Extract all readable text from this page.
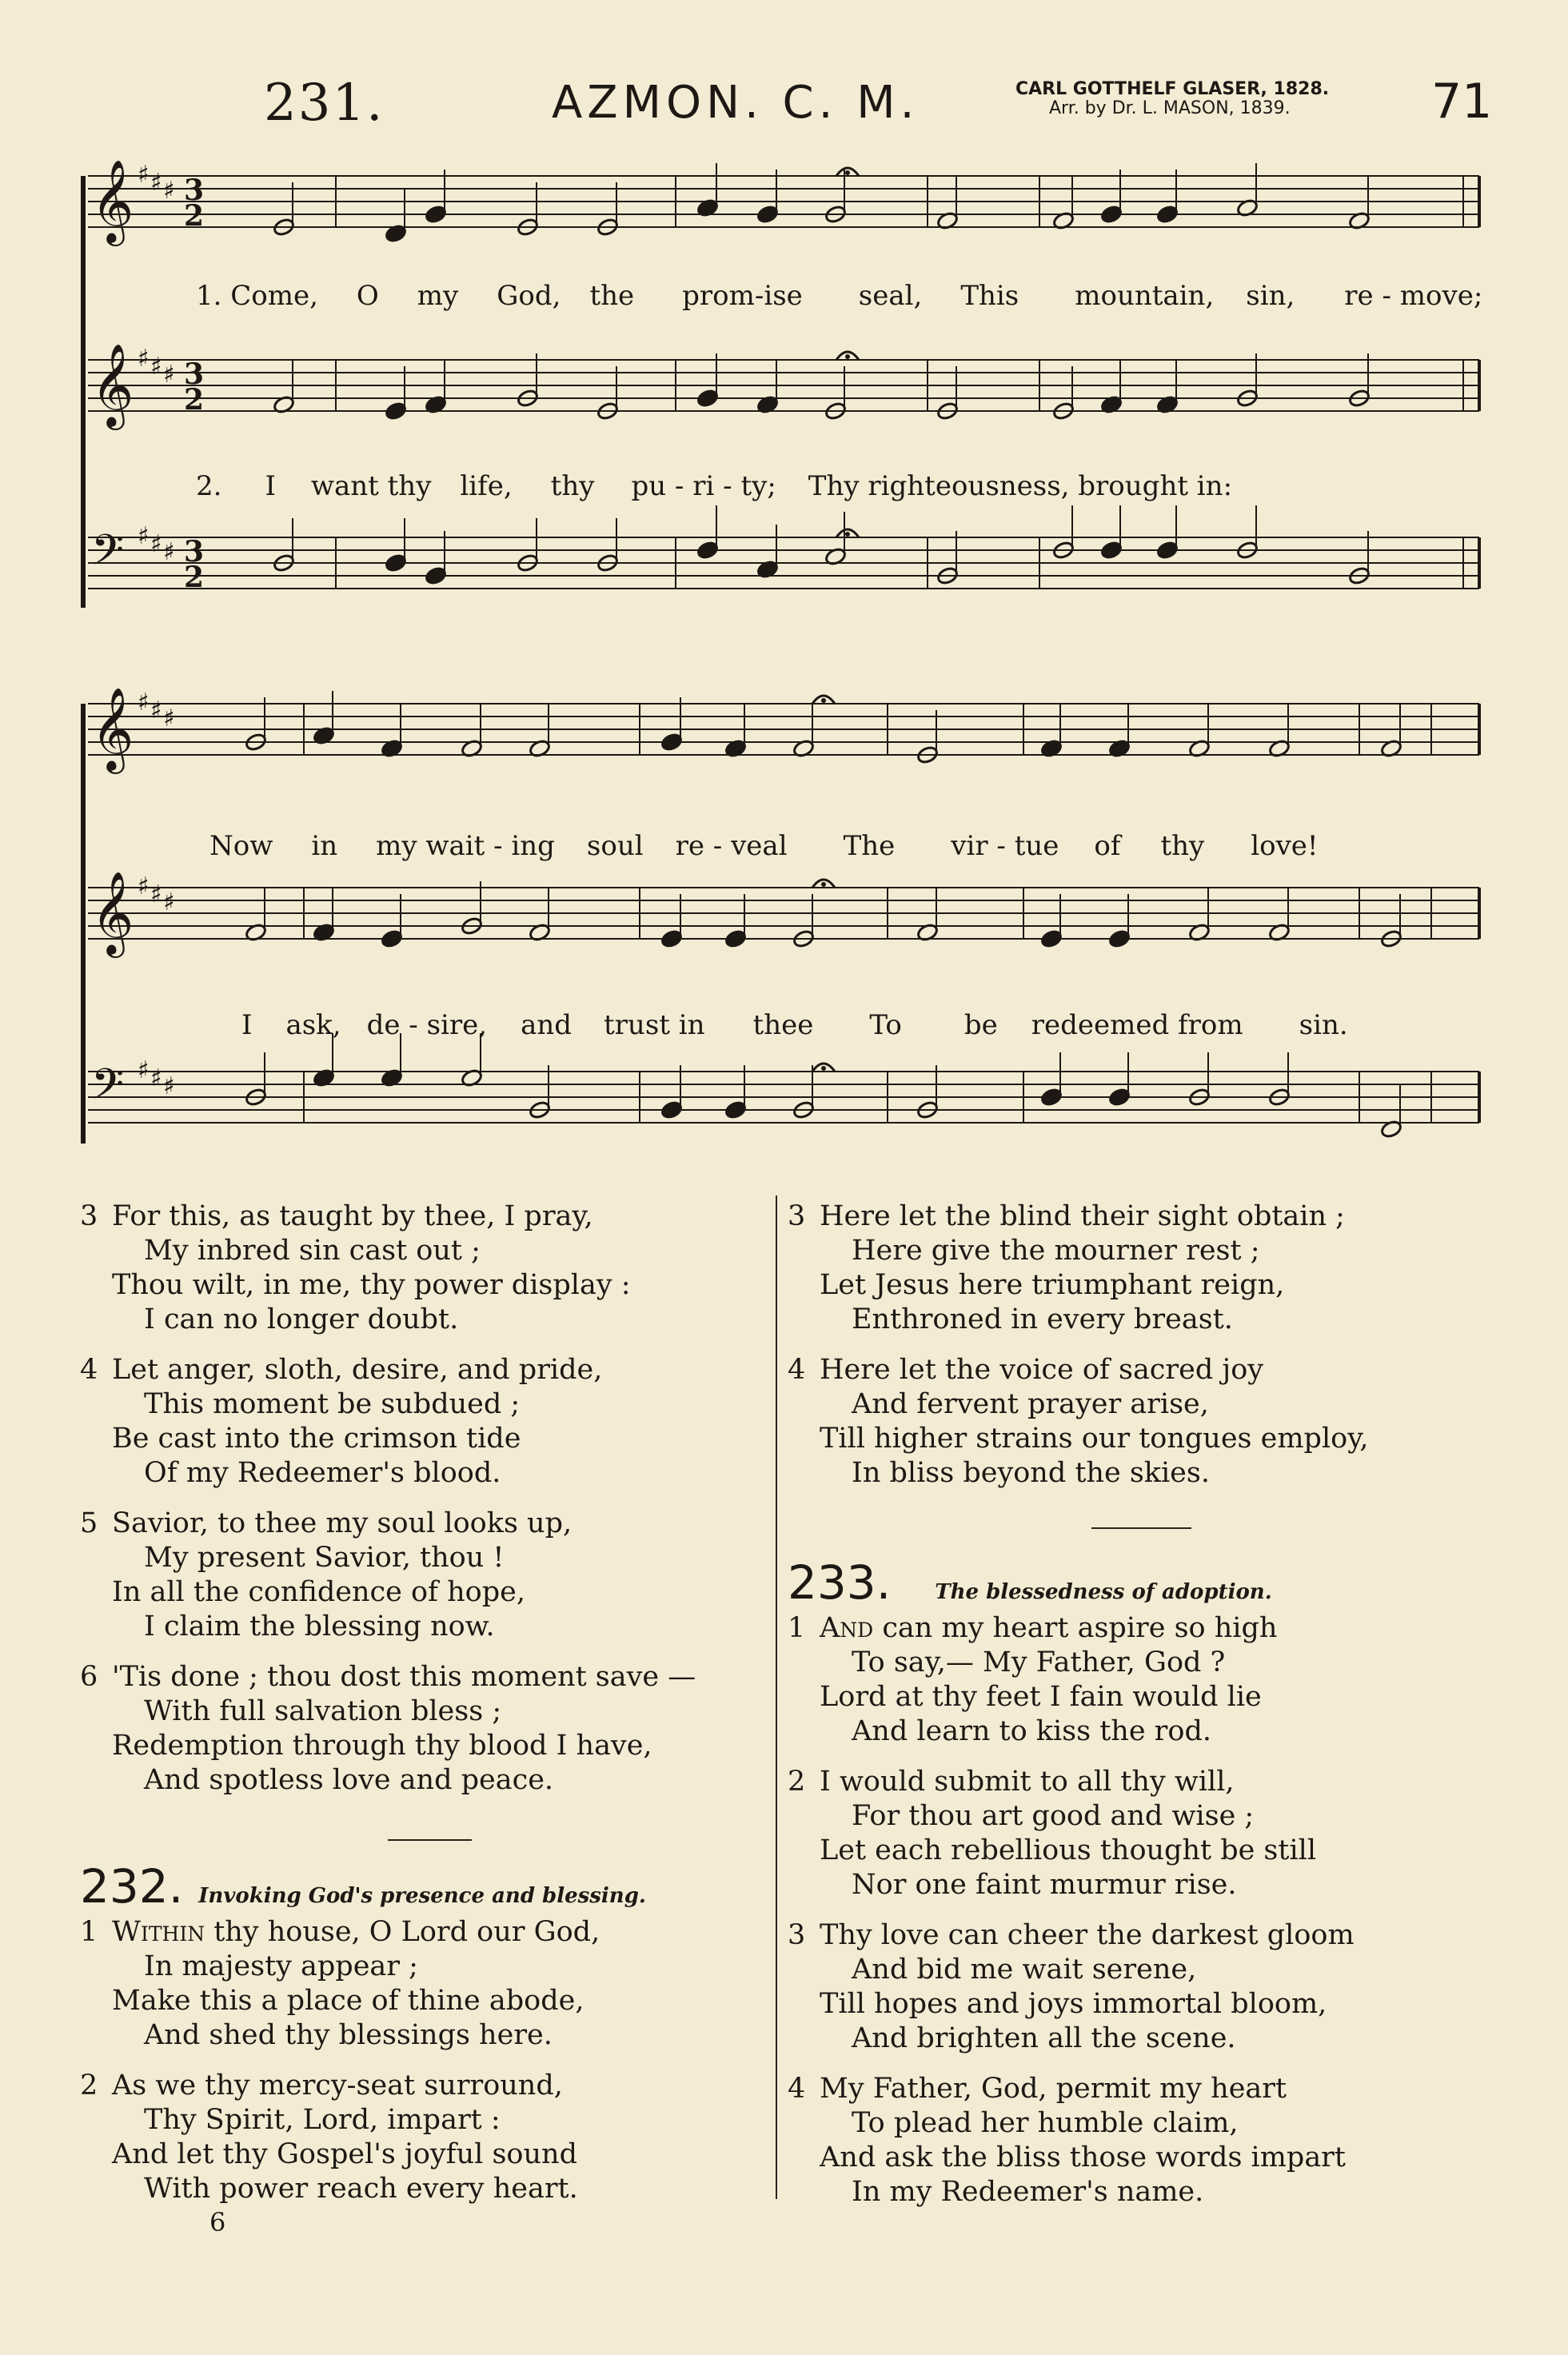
231.	AZMON. C. M.	CARL GOTTHELF GLASER, 1828.
Arr. by Dr. L. MASON, 1839.	71
𝄞 ♯ ♯ ♯ 3
2
𝄞 ♯ ♯ ♯ 3
2
𝄢 ♯ ♯ ♯ 3
2
1. Come, O my God, the prom-ise seal, This mountain, sin, re - move;
2. I want thy life, thy pu - ri - ty; Thy righteousness, brought in:
𝄞 ♯ ♯ ♯
𝄞 ♯ ♯ ♯
𝄢 ♯ ♯ ♯
Now in my wait - ing soul re - veal The vir - tue of thy love!
I ask, de - sire, and trust in thee To be redeemed from sin.
3 For this, as taught by thee, I pray,
My inbred sin cast out ;
Thou wilt, in me, thy power display :
I can no longer doubt.
4 Let anger, sloth, desire, and pride,
This moment be subdued ;
Be cast into the crimson tide
Of my Redeemer's blood.
5 Savior, to thee my soul looks up,
My present Savior, thou !
In all the confidence of hope,
I claim the blessing now.
6 'Tis done ; thou dost this moment save —
With full salvation bless ;
Redemption through thy blood I have,
And spotless love and peace.
232. Invoking God's presence and blessing.
1 Within thy house, O Lord our God,
In majesty appear ;
Make this a place of thine abode,
And shed thy blessings here.
2 As we thy mercy-seat surround,
Thy Spirit, Lord, impart :
And let thy Gospel's joyful sound
With power reach every heart.
6
3 Here let the blind their sight obtain ;
Here give the mourner rest ;
Let Jesus here triumphant reign,
Enthroned in every breast.
4 Here let the voice of sacred joy
And fervent prayer arise,
Till higher strains our tongues employ,
In bliss beyond the skies.
233. The blessedness of adoption.
1 And can my heart aspire so high
To say,— My Father, God ?
Lord at thy feet I fain would lie
And learn to kiss the rod.
2 I would submit to all thy will,
For thou art good and wise ;
Let each rebellious thought be still
Nor one faint murmur rise.
3 Thy love can cheer the darkest gloom
And bid me wait serene,
Till hopes and joys immortal bloom,
And brighten all the scene.
4 My Father, God, permit my heart
To plead her humble claim,
And ask the bliss those words impart
In my Redeemer's name.
